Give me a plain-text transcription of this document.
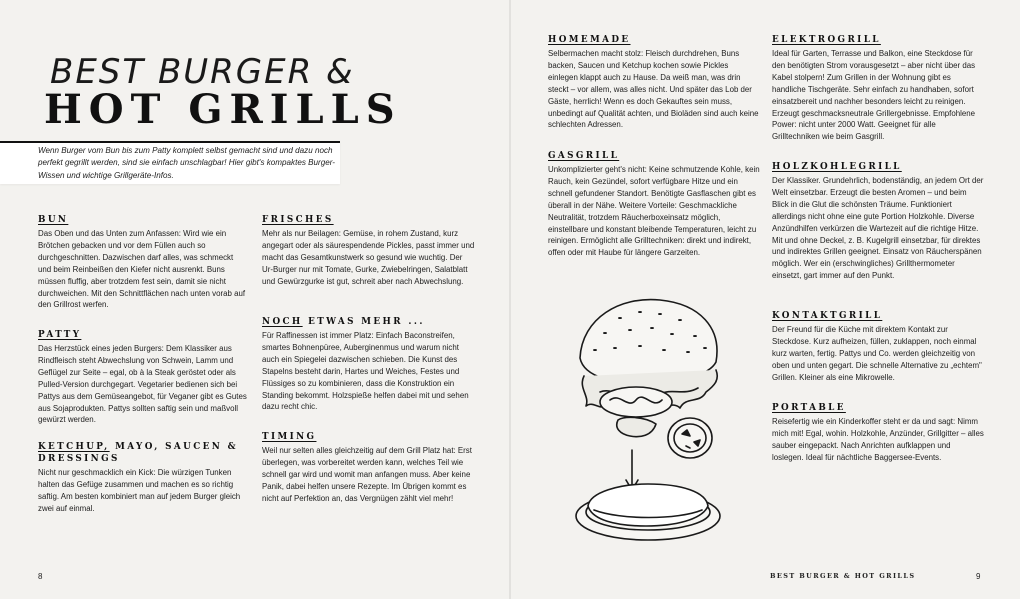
BEST BURGER &
HOT GRILLS
Wenn Burger vom Bun bis zum Patty komplett selbst gemacht sind und dazu noch perfekt gegrillt werden, sind sie einfach unschlagbar! Hier gibt's kompaktes Burger-Wissen und wichtige Grillgeräte-Infos.
BUN

Das Oben und das Unten zum Anfassen: Wird wie ein Brötchen gebacken und vor dem Füllen auch so durchgeschnitten. Dazwischen darf alles, was schmeckt und beim Reinbeißen den Kiefer nicht ausrenkt. Buns müssen fluffig, aber trotzdem fest sein, damit sie nicht durchweichen. Mit den Schnittflächen nach unten vorab auf den Grillrost werfen.

PATTY

Das Herzstück eines jeden Burgers: Dem Klassiker aus Rindfleisch steht Abwechslung von Schwein, Lamm und Geflügel zur Seite – egal, ob à la Steak geröstet oder als Pulled-Version durchgegart. Vegetarier bedienen sich bei Pattys aus dem Gemüseangebot, für Veganer gibt es Gutes aus Sojaprodukten. Pattys sollten saftig sein und maßvoll gewürzt werden.

KETCHUP, MAYO, SAUCEN & DRESSINGS

Nicht nur geschmacklich ein Kick: Die würzigen Tunken halten das Gefüge zusammen und machen es so richtig saftig. Am besten kombiniert man auf jedem Burger gleich zwei auf einmal.

FRISCHES

Mehr als nur Beilagen: Gemüse, in rohem Zustand, kurz angegart oder als säurespendende Pickles, passt immer und macht das Gesamtkunstwerk so gesund wie wuchtig. Der Ur-Burger nur mit Tomate, Gurke, Zwiebelringen, Salatblatt und Gewürzgurke ist gut, schreit aber nach Abwechslung.

NOCH ETWAS MEHR ...

Für Raffinessen ist immer Platz: Einfach Baconstreifen, smartes Bohnenpüree, Auberginenmus und warum nicht auch ein Spiegelei dazwischen schieben. Die Kunst des Stapelns besteht darin, Hartes und Weiches, Festes und Flüssiges so zu kombinieren, dass die Konstruktion ein Standing bekommt. Holzspieße helfen dabei mit und sehen dazu recht chic.

TIMING

Weil nur selten alles gleichzeitig auf dem Grill Platz hat: Erst überlegen, was vorbereitet werden kann, welches Teil wie schnell gar wird und womit man anfangen muss. Aber keine Panik, dabei helfen unsere Rezepte. Im Übrigen kommt es nicht auf Perfektion an, das Vergnügen zählt viel mehr!

HOMEMADE

Selbermachen macht stolz: Fleisch durchdrehen, Buns backen, Saucen und Ketchup kochen sowie Pickles einlegen klappt auch zu Hause. Da weiß man, was drin steckt – vor allem, was alles nicht. Und später das Lob der Gäste, herrlich! Wenn es doch Gekauftes sein muss, unbedingt auf Qualität achten, und Bioläden sind auch keine schlechten Adressen.

GASGRILL

Unkomplizierter geht's nicht: Keine schmutzende Kohle, kein Rauch, kein Gezündel, sofort verfügbare Hitze und ein schnell gefundener Standort. Benötigte Gasflaschen gibt es überall in der Nähe. Weitere Vorteile: Geschmackliche Neutralität, trotzdem Räucherboxeinsatz möglich, einstellbare und konstant bleibende Temperaturen, leicht zu reinigen. Ermöglicht alle Grilltechniken: direkt und indirekt, offen oder mit Haube für längere Garzeiten.

ELEKTROGRILL

Ideal für Garten, Terrasse und Balkon, eine Steckdose für den benötigten Strom vorausgesetzt – aber nicht über das Kabel stolpern! Zum Grillen in der Wohnung gibt es handliche Tischgeräte. Sehr einfach zu handhaben, sofort einsatzbereit und nachher besonders leicht zu reinigen. Erzeugt geschmacksneutrale Grillergebnisse. Empfohlene Power: nicht unter 2000 Watt. Geeignet für alle Grilltechniken wie beim Gasgrill.

HOLZKOHLEGRILL

Der Klassiker. Grundehrlich, bodenständig, an jedem Ort der Welt einsetzbar. Erzeugt die besten Aromen – und beim Blick in die Glut die schönsten Träume. Funktioniert allerdings nicht ohne eine gute Portion Holzkohle. Diverse Anzündhilfen verkürzen die Wartezeit auf die richtige Hitze. Mit und ohne Deckel, z. B. Kugelgrill einsetzbar, für direktes und indirektes Grillen geeignet. Einsatz von Räucherspänen möglich. Wer ein (erschwingliches) Grillthermometer einsetzt, gart immer auf den Punkt.

KONTAKTGRILL

Der Freund für die Küche mit direktem Kontakt zur Steckdose. Kurz aufheizen, füllen, zuklappen, noch einmal kurz warten, fertig. Pattys und Co. werden gleichzeitig von oben und unten gegart. Die schnelle Alternative zu „echtem" Grillen. Kleiner als eine Mikrowelle.

PORTABLE

Reisefertig wie ein Kinderkoffer steht er da und sagt: Nimm mich mit! Egal, wohin. Holzkohle, Anzünder, Grillgitter – alles sauber eingepackt. Nach Anrichten aufklappen und loslegen. Ideal für nächtliche Baggersee-Events.

8	BEST BURGER & HOT GRILLS	9
